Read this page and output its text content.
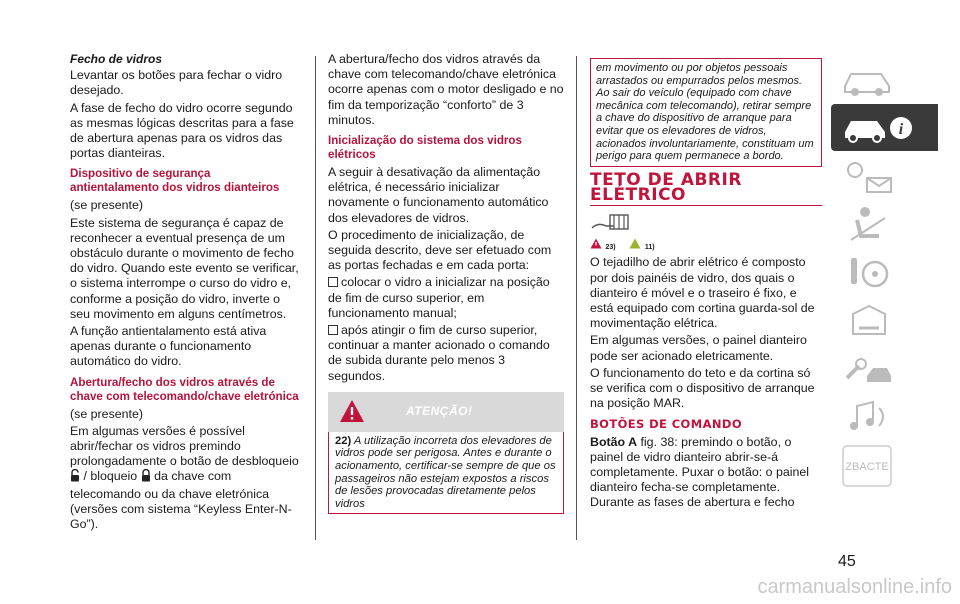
Fecho de vidros

Levantar os botões para fechar o vidro desejado.

A fase de fecho do vidro ocorre segundo as mesmas lógicas descritas para a fase de abertura apenas para os vidros das portas dianteiras.

Dispositivo de segurança antientalamento dos vidros dianteiros

(se presente)

Este sistema de segurança é capaz de reconhecer a eventual presença de um obstáculo durante o movimento de fecho do vidro. Quando este evento se verificar, o sistema interrompe o curso do vidro e, conforme a posição do vidro, inverte o seu movimento em alguns centímetros.

A função antientalamento está ativa apenas durante o funcionamento automático do vidro.

Abertura/fecho dos vidros através de chave com telecomando/chave eletrónica

(se presente)

Em algumas versões é possível abrir/fechar os vidros premindo prolongadamente o botão de desbloqueio  / bloqueio da chave com telecomando ou da chave eletrónica (versões com sistema “Keyless Enter-N-Go”).

A abertura/fecho dos vidros através da chave com telecomando/chave eletrónica ocorre apenas com o motor desligado e no fim da temporização “conforto” de 3 minutos.

Inicialização do sistema dos vidros elétricos

A seguir à desativação da alimentação elétrica, é necessário inicializar novamente o funcionamento automático dos elevadores de vidros.

O procedimento de inicialização, de seguida descrito, deve ser efetuado com as portas fechadas e em cada porta:

colocar o vidro a inicializar na posição de fim de curso superior, em funcionamento manual;

após atingir o fim de curso superior, continuar a manter acionado o comando de subida durante pelo menos 3 segundos.

ATENÇÃO!
22) A utilização incorreta dos elevadores de vidros pode ser perigosa. Antes e durante o acionamento, certificar-se sempre de que os passageiros não estejam expostos a riscos de lesões provocadas diretamente pelos vidros
em movimento ou por objetos pessoais arrastados ou empurrados pelos mesmos. Ao sair do veículo (equipado com chave mecânica com telecomando), retirar sempre a chave do dispositivo de arranque para evitar que os elevadores de vidros, acionados involuntariamente, constituam um perigo para quem permanece a bordo.
TETO DE ABRIR ELÉTRICO
23)	11)

O tejadilho de abrir elétrico é composto por dois painéis de vidro, dos quais o dianteiro é móvel e o traseiro é fixo, e está equipado com cortina guarda-sol de movimentação elétrica.

Em algumas versões, o painel dianteiro pode ser acionado eletricamente.

O funcionamento do teto e da cortina só se verifica com o dispositivo de arranque na posição MAR.

BOTÕES DE COMANDO

Botão A fig. 38: premindo o botão, o painel de vidro dianteiro abrir-se-á completamente. Puxar o botão: o painel dianteiro fecha-se completamente. Durante as fases de abertura e fecho

i
ZBACTE
45
carmanualsonline.info
